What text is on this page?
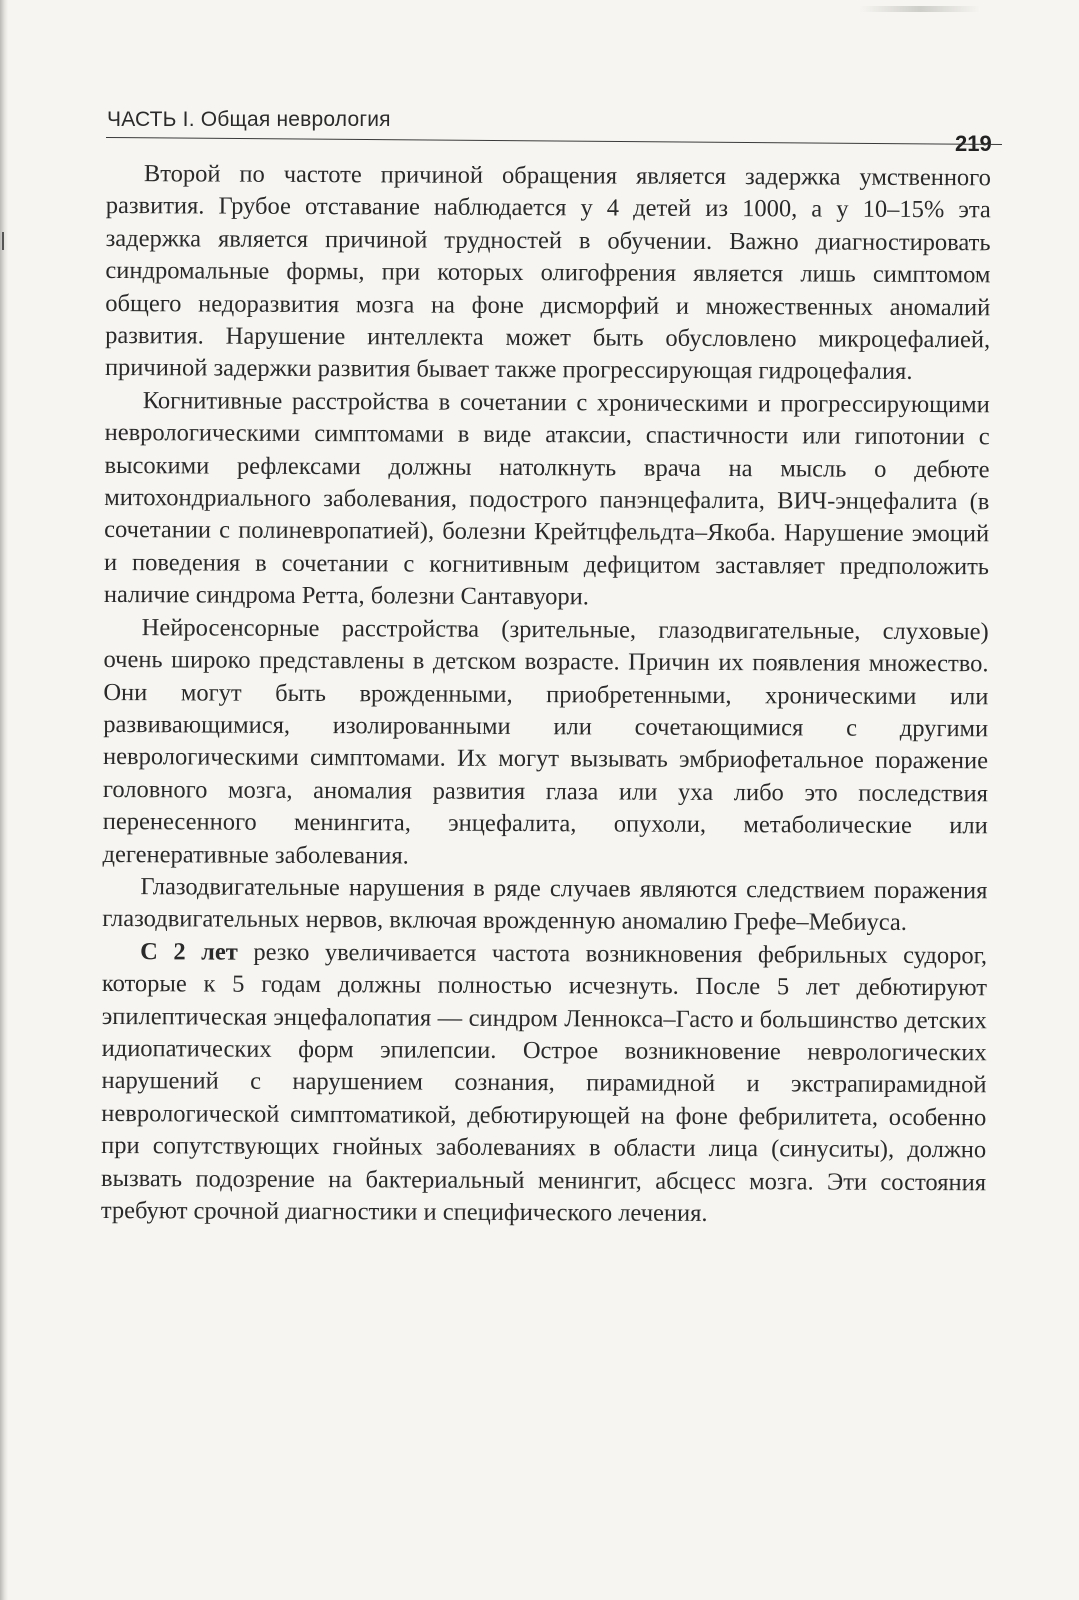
ЧАСТЬ I. Общая неврология
219

Второй по частоте причиной обращения является задержка умственного развития. Грубое отставание наблюдается у 4 детей из 1000, а у 10–15% эта задержка является причиной трудностей в обучении. Важно диагностировать синдромальные формы, при которых олигофрения является лишь симптомом общего недоразвития мозга на фоне дисморфий и множественных аномалий развития. Нарушение интеллекта может быть обусловлено микроцефалией, причиной задержки развития бывает также прогрессирующая гидроцефалия.

Когнитивные расстройства в сочетании с хроническими и прогрессирующими неврологическими симптомами в виде атаксии, спастичности или гипотонии с высокими рефлексами должны натолкнуть врача на мысль о дебюте митохондриального заболевания, подострого панэнцефалита, ВИЧ-энцефалита (в сочетании с полиневропатией), болезни Крейтцфельдта–Якоба. Нарушение эмоций и поведения в сочетании с когнитивным дефицитом заставляет предположить наличие синдрома Ретта, болезни Сантавуори.

Нейросенсорные расстройства (зрительные, глазодвигательные, слуховые) очень широко представлены в детском возрасте. Причин их появления множество. Они могут быть врожденными, приобретенными, хроническими или развивающимися, изолированными или сочетающимися с другими неврологическими симптомами. Их могут вызывать эмбриофетальное поражение головного мозга, аномалия развития глаза или уха либо это последствия перенесенного менингита, энцефалита, опухоли, метаболические или дегенеративные заболевания.

Глазодвигательные нарушения в ряде случаев являются следствием поражения глазодвигательных нервов, включая врожденную аномалию Грефе–Мебиуса.

С 2 лет резко увеличивается частота возникновения фебрильных судорог, которые к 5 годам должны полностью исчезнуть. После 5 лет дебютируют эпилептическая энцефалопатия — синдром Леннокса–Гасто и большинство детских идиопатических форм эпилепсии. Острое возникновение неврологических нарушений с нарушением сознания, пирамидной и экстрапирамидной неврологической симптоматикой, дебютирующей на фоне фебрилитета, особенно при сопутствующих гнойных заболеваниях в области лица (синуситы), должно вызвать подозрение на бактериальный менингит, абсцесс мозга. Эти состояния требуют срочной диагностики и специфического лечения.
